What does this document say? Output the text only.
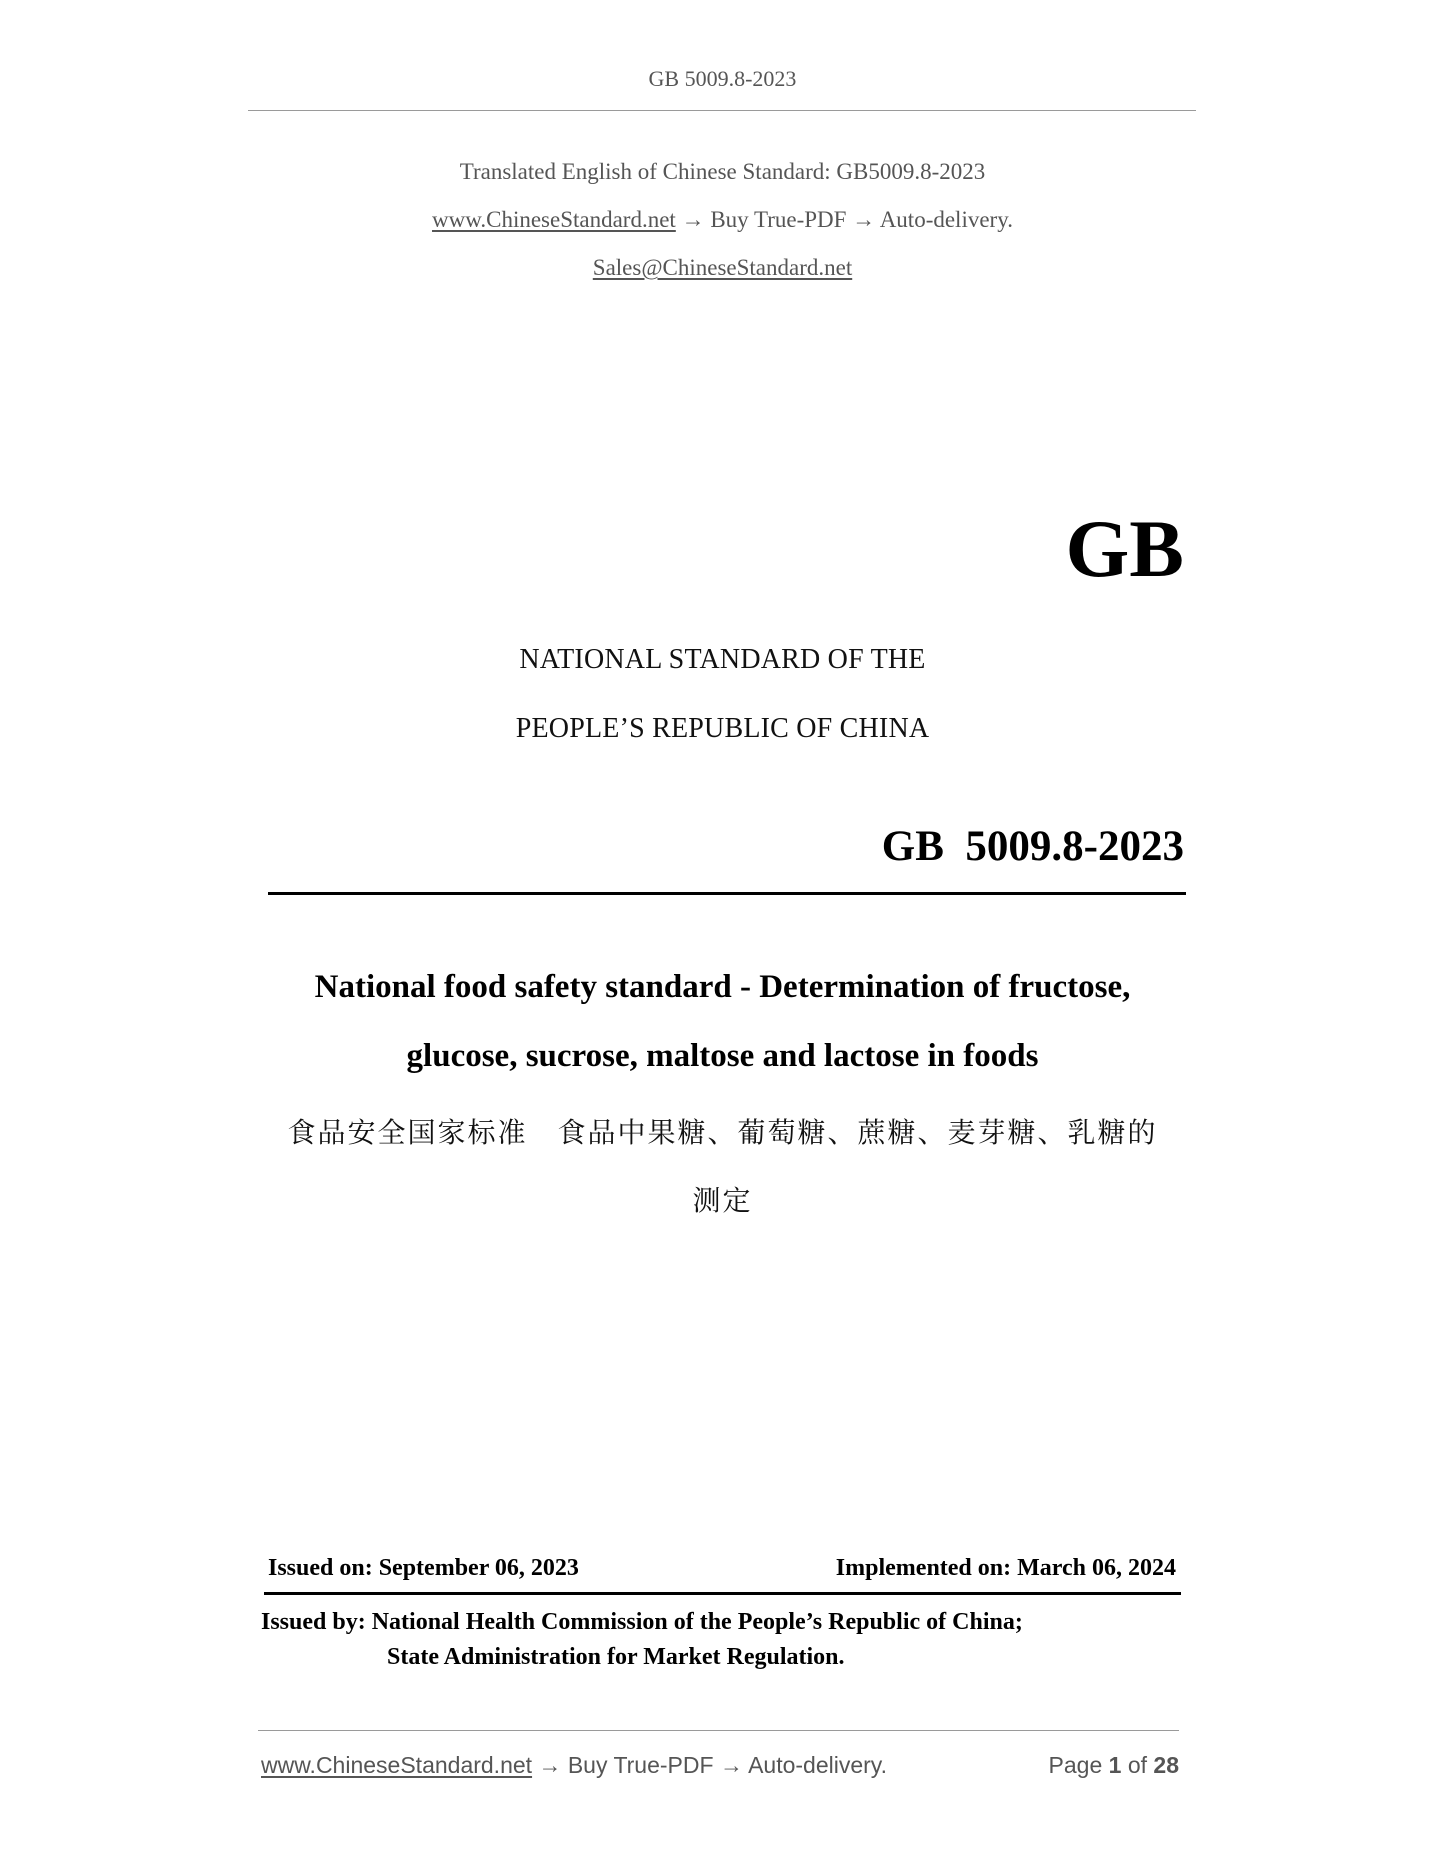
GB 5009.8-2023
Translated English of Chinese Standard: GB5009.8-2023
www.ChineseStandard.net → Buy True-PDF → Auto-delivery.
Sales@ChineseStandard.net
GB
NATIONAL STANDARD OF THE
PEOPLE’S REPUBLIC OF CHINA
GB 5009.8-2023
National food safety standard - Determination of fructose,
glucose, sucrose, maltose and lactose in foods
食品安全国家标准　食品中果糖、葡萄糖、蔗糖、麦芽糖、乳糖的
测定
Issued on: September 06, 2023	Implemented on: March 06, 2024
Issued by: National Health Commission of the People’s Republic of China;
State Administration for Market Regulation.
www.ChineseStandard.net → Buy True-PDF → Auto-delivery.	Page 1 of 28
